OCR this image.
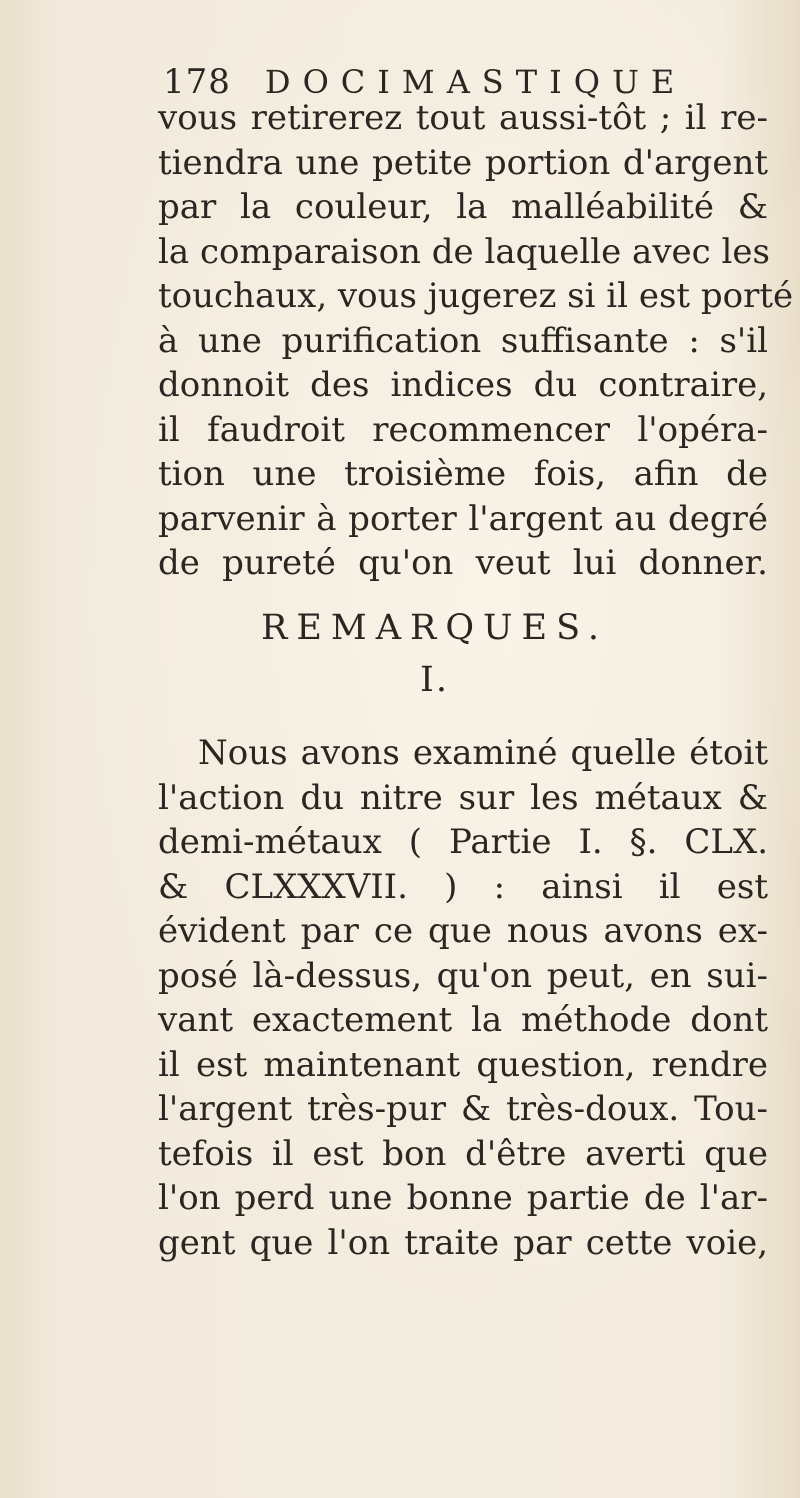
178 DOCIMASTIQUE
vous retirerez tout aussi-tôt ; il re-
tiendra une petite portion d'argent
par la couleur, la malléabilité &
la comparaison de laquelle avec les
touchaux, vous jugerez si il est porté
à une purification suffisante : s'il
donnoit des indices du contraire,
il faudroit recommencer l'opéra-
tion une troisième fois, afin de
parvenir à porter l'argent au degré
de pureté qu'on veut lui donner.
REMARQUES.
I.
Nous avons examiné quelle étoit
l'action du nitre sur les métaux &
demi-métaux ( Partie I. §. CLX.
& CLXXXVII. ) : ainsi il est
évident par ce que nous avons ex-
posé là-dessus, qu'on peut, en sui-
vant exactement la méthode dont
il est maintenant question, rendre
l'argent très-pur & très-doux. Tou-
tefois il est bon d'être averti que
l'on perd une bonne partie de l'ar-
gent que l'on traite par cette voie,
